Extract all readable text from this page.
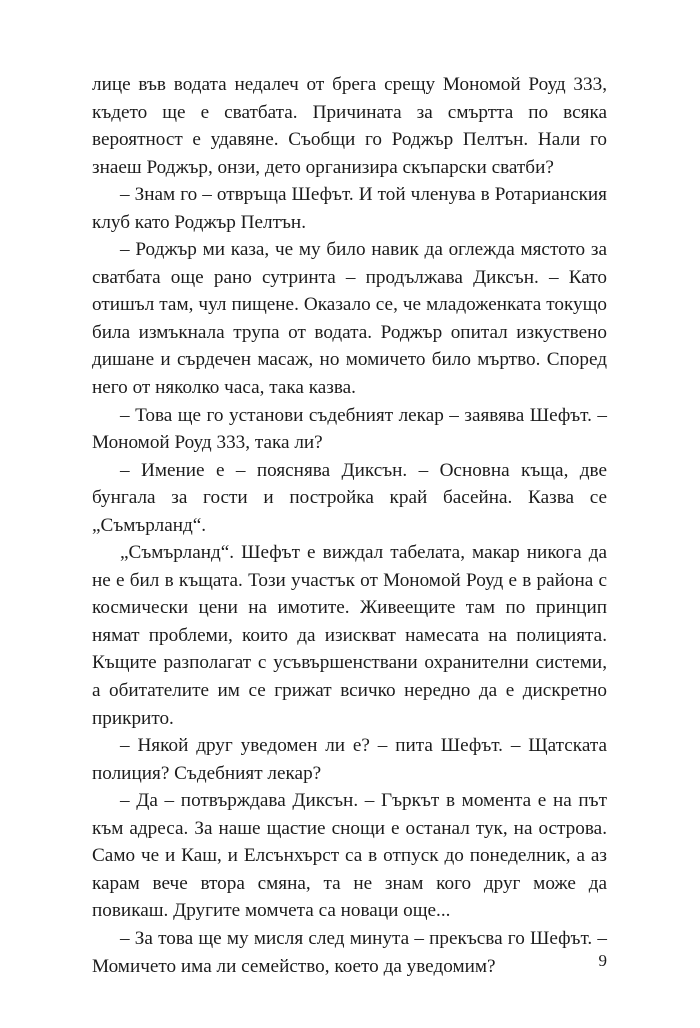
лице във водата недалеч от брега срещу Мономой Роуд 333, където ще е сватбата. Причината за смъртта по всяка вероятност е удавяне. Съобщи го Роджър Пелтън. Нали го знаеш Роджър, онзи, дето организира скъпарски сватби?

– Знам го – отвръща Шефът. И той членува в Ротарианския клуб като Роджър Пелтън.

– Роджър ми каза, че му било навик да оглежда мястото за сватбата още рано сутринта – продължава Диксън. – Като отишъл там, чул пищене. Оказало се, че младоженката токущо била измъкнала трупа от водата. Роджър опитал изкуствено дишане и сърдечен масаж, но момичето било мъртво. Според него от няколко часа, така казва.

– Това ще го установи съдебният лекар – заявява Шефът. – Мономой Роуд 333, така ли?

– Имение е – пояснява Диксън. – Основна къща, две бунгала за гости и постройка край басейна. Казва се „Съмърланд“.

„Съмърланд“. Шефът е виждал табелата, макар никога да не е бил в къщата. Този участък от Мономой Роуд е в района с космически цени на имотите. Живеещите там по принцип нямат проблеми, които да изискват намесата на полицията. Къщите разполагат с усъвършенствани охранителни системи, а обитателите им се грижат всичко нередно да е дискретно прикрито.

– Някой друг уведомен ли е? – пита Шефът. – Щатската полиция? Съдебният лекар?

– Да – потвърждава Диксън. – Гъркът в момента е на път към адреса. За наше щастие снощи е останал тук, на острова. Само че и Каш, и Елсънхърст са в отпуск до понеделник, а аз карам вече втора смяна, та не знам кого друг може да повикаш. Другите момчета са новаци още...

– За това ще му мисля след минута – прекъсва го Шефът. – Момичето има ли семейство, което да уведомим?	9
